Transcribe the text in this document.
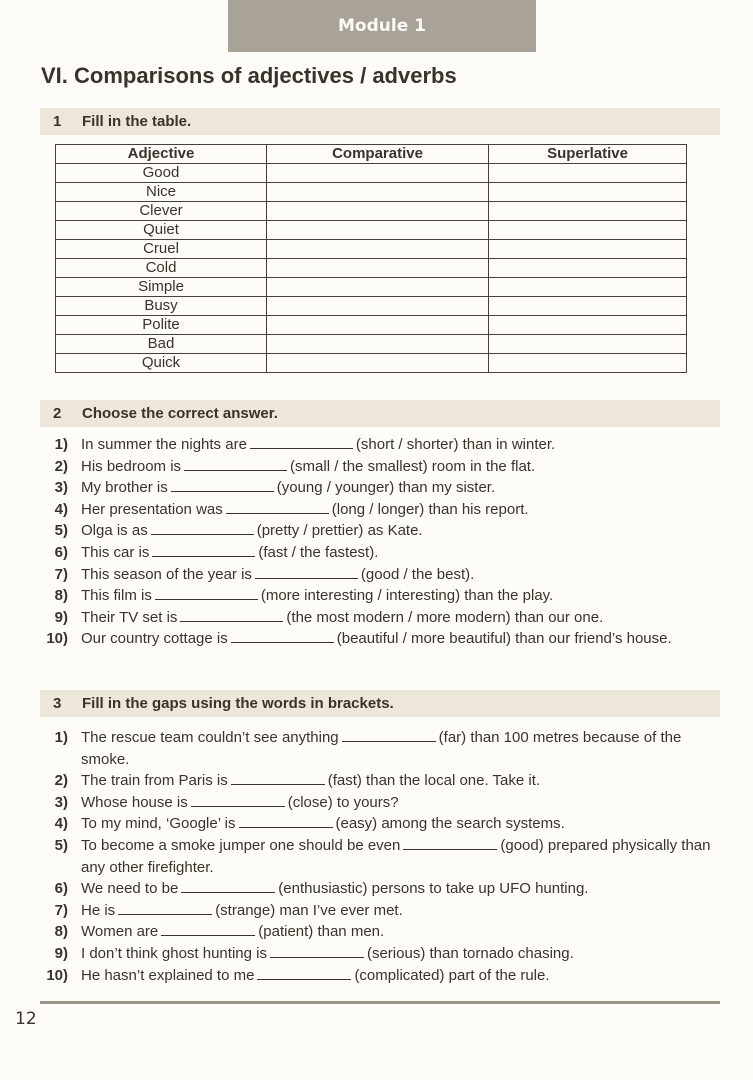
Module 1
VI. Comparisons of adjectives / adverbs
1 Fill in the table.
Adjective	Comparative	Superlative
Good		
Nice		
Clever		
Quiet		
Cruel		
Cold		
Simple		
Busy		
Polite		
Bad		
Quick		
2 Choose the correct answer.
1) In summer the nights are	(short / shorter) than in winter.
2) His bedroom is	(small / the smallest) room in the flat.
3) My brother is	(young / younger) than my sister.
4) Her presentation was	(long / longer) than his report.
5) Olga is as	(pretty / prettier) as Kate.
6) This car is	(fast / the fastest).
7) This season of the year is	(good / the best).
8) This film is	(more interesting / interesting) than the play.
9) Their TV set is	(the most modern / more modern) than our one.
10) Our country cottage is	(beautiful / more beautiful) than our friend’s house.
3 Fill in the gaps using the words in brackets.
1) The rescue team couldn’t see anything	(far) than 100 metres because of the smoke.
2) The train from Paris is	(fast) than the local one. Take it.
3) Whose house is	(close) to yours?
4) To my mind, ‘Google’ is	(easy) among the search systems.
5) To become a smoke jumper one should be even	(good) prepared physically than any other firefighter.
6) We need to be	(enthusiastic) persons to take up UFO hunting.
7) He is	(strange) man I’ve ever met.
8) Women are	(patient) than men.
9) I don’t think ghost hunting is	(serious) than tornado chasing.
10) He hasn’t explained to me	(complicated) part of the rule.
12
